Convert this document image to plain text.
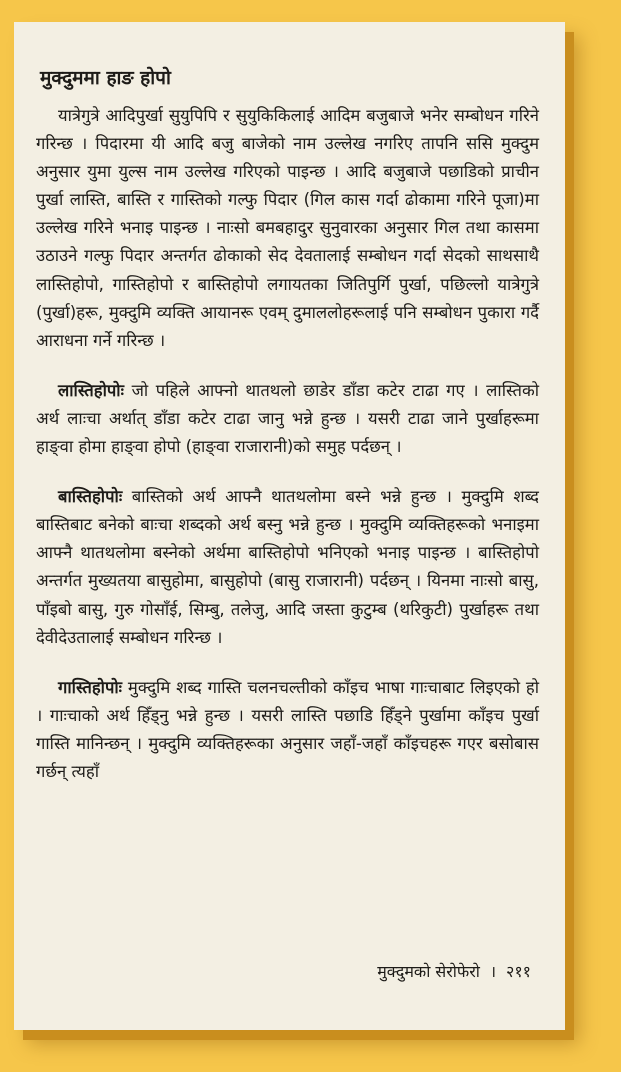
मुक्दुममा हाङ होपो

यात्रेगुत्रे आदिपुर्खा सुयुपिपि र सुयुकिकिलाई आदिम बजुबाजे भनेर सम्बोधन गरिने गरिन्छ । पिदारमा यी आदि बजु बाजेको नाम उल्लेख नगरिए तापनि ससि मुक्दुम अनुसार युमा युल्स नाम उल्लेख गरिएको पाइन्छ । आदि बजुबाजे पछाडिको प्राचीन पुर्खा लास्ति, बास्ति र गास्तिको गल्फु पिदार (गिल कास गर्दा ढोकामा गरिने पूजा)मा उल्लेख गरिने भनाइ पाइन्छ । नाःसो बमबहादुर सुनुवारका अनुसार गिल तथा कासमा उठाउने गल्फु पिदार अन्तर्गत ढोकाको सेद देवतालाई सम्बोधन गर्दा सेदको साथसाथै लास्तिहोपो, गास्तिहोपो र बास्तिहोपो लगायतका जितिपुर्गि पुर्खा, पछिल्लो यात्रेगुत्रे (पुर्खा)हरू, मुक्दुमि व्यक्ति आयानरू एवम् दुमाललोहरूलाई पनि सम्बोधन पुकारा गर्दै आराधना गर्ने गरिन्छ ।

लास्तिहोपोः जो पहिले आफ्नो थातथलो छाडेर डाँडा कटेर टाढा गए । लास्तिको अर्थ लाःचा अर्थात् डाँडा कटेर टाढा जानु भन्ने हुन्छ । यसरी टाढा जाने पुर्खाहरूमा हाङ्वा होमा हाङ्वा होपो (हाङ्वा राजारानी)को समुह पर्दछन् ।

बास्तिहोपोः बास्तिको अर्थ आफ्नै थातथलोमा बस्ने भन्ने हुन्छ । मुक्दुमि शब्द बास्तिबाट बनेको बाःचा शब्दको अर्थ बस्नु भन्ने हुन्छ । मुक्दुमि व्यक्तिहरूको भनाइमा आफ्नै थातथलोमा बस्नेको अर्थमा बास्तिहोपो भनिएको भनाइ पाइन्छ । बास्तिहोपो अन्तर्गत मुख्यतया बासुहोमा, बासुहोपो (बासु राजारानी) पर्दछन् । यिनमा नाःसो बासु, पाँइबो बासु, गुरु गोसाँई, सिम्बु, तलेजु, आदि जस्ता कुटुम्ब (थरिकुटी) पुर्खाहरू तथा देवीदेउतालाई सम्बोधन गरिन्छ ।

गास्तिहोपोः मुक्दुमि शब्द गास्ति चलनचल्तीको काँइच भाषा गाःचाबाट लिइएको हो । गाःचाको अर्थ हिँड्नु भन्ने हुन्छ । यसरी लास्ति पछाडि हिँड्ने पुर्खामा काँइच पुर्खा गास्ति मानिन्छन् । मुक्दुमि व्यक्तिहरूका अनुसार जहाँ-जहाँ काँइचहरू गएर बसोबास गर्छन् त्यहाँ

मुक्दुमको सेरोफेरो । २११
